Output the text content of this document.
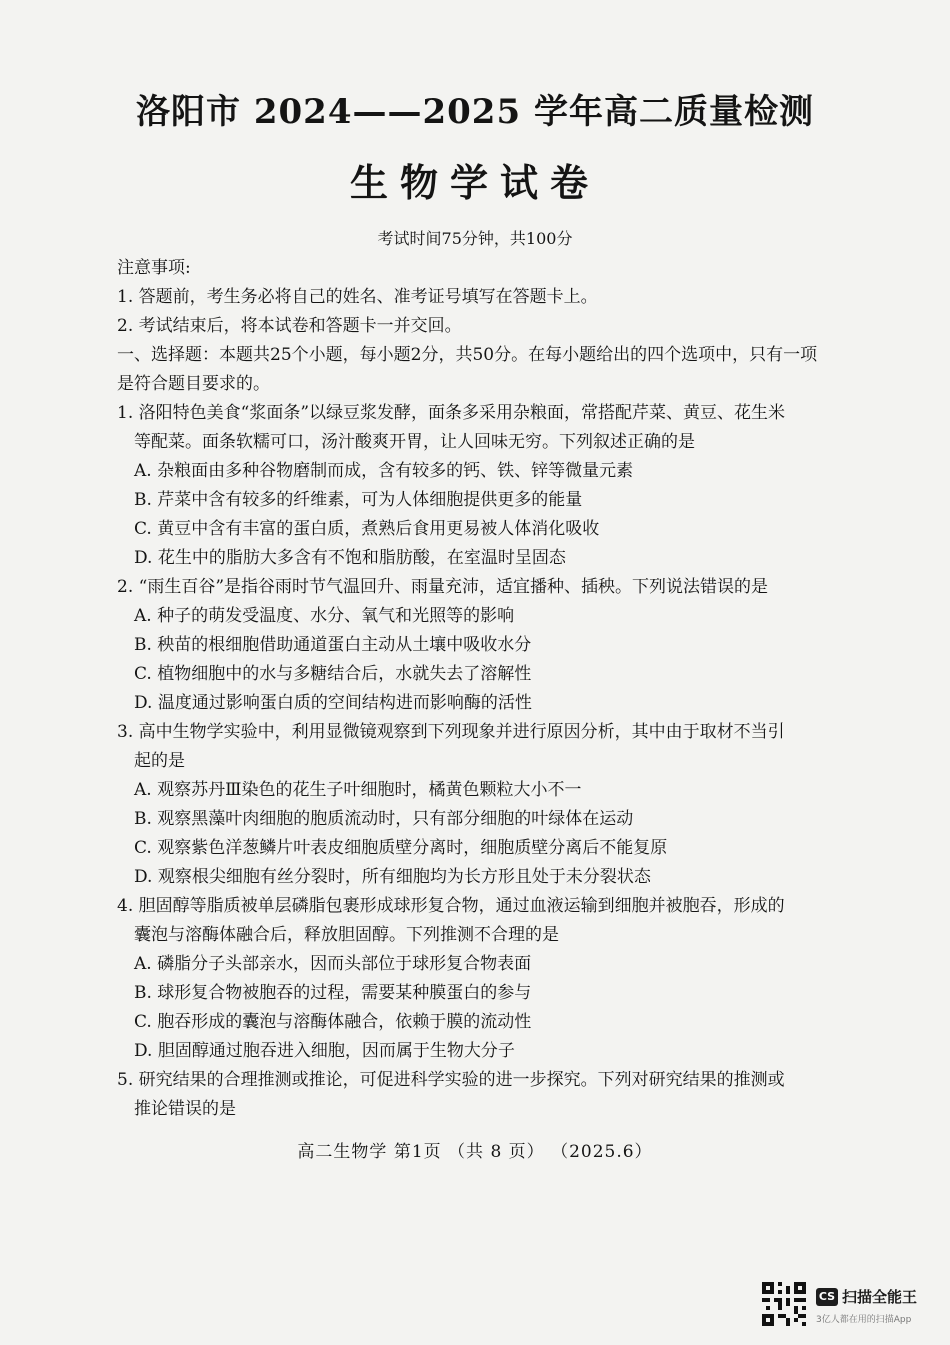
洛阳市 2024——2025 学年高二质量检测
生物学试卷
考试时间75分钟，共100分
注意事项:
1. 答题前，考生务必将自己的姓名、准考证号填写在答题卡上。
2. 考试结束后，将本试卷和答题卡一并交回。
一、选择题：本题共25个小题，每小题2分，共50分。在每小题给出的四个选项中，只有一项
是符合题目要求的。
1. 洛阳特色美食“浆面条”以绿豆浆发酵，面条多采用杂粮面，常搭配芹菜、黄豆、花生米
等配菜。面条软糯可口，汤汁酸爽开胃，让人回味无穷。下列叙述正确的是
A. 杂粮面由多种谷物磨制而成，含有较多的钙、铁、锌等微量元素
B. 芹菜中含有较多的纤维素，可为人体细胞提供更多的能量
C. 黄豆中含有丰富的蛋白质，煮熟后食用更易被人体消化吸收
D. 花生中的脂肪大多含有不饱和脂肪酸，在室温时呈固态
2. “雨生百谷”是指谷雨时节气温回升、雨量充沛，适宜播种、插秧。下列说法错误的是
A. 种子的萌发受温度、水分、氧气和光照等的影响
B. 秧苗的根细胞借助通道蛋白主动从土壤中吸收水分
C. 植物细胞中的水与多糖结合后，水就失去了溶解性
D. 温度通过影响蛋白质的空间结构进而影响酶的活性
3. 高中生物学实验中，利用显微镜观察到下列现象并进行原因分析，其中由于取材不当引
起的是
A. 观察苏丹Ⅲ染色的花生子叶细胞时，橘黄色颗粒大小不一
B. 观察黑藻叶肉细胞的胞质流动时，只有部分细胞的叶绿体在运动
C. 观察紫色洋葱鳞片叶表皮细胞质壁分离时，细胞质壁分离后不能复原
D. 观察根尖细胞有丝分裂时，所有细胞均为长方形且处于未分裂状态
4. 胆固醇等脂质被单层磷脂包裹形成球形复合物，通过血液运输到细胞并被胞吞，形成的
囊泡与溶酶体融合后，释放胆固醇。下列推测不合理的是
A. 磷脂分子头部亲水，因而头部位于球形复合物表面
B. 球形复合物被胞吞的过程，需要某种膜蛋白的参与
C. 胞吞形成的囊泡与溶酶体融合，依赖于膜的流动性
D. 胆固醇通过胞吞进入细胞，因而属于生物大分子
5. 研究结果的合理推测或推论，可促进科学实验的进一步探究。下列对研究结果的推测或
推论错误的是
高二生物学 第1页 （共 8 页） （2025.6）
CS 扫描全能王
3亿人都在用的扫描App
